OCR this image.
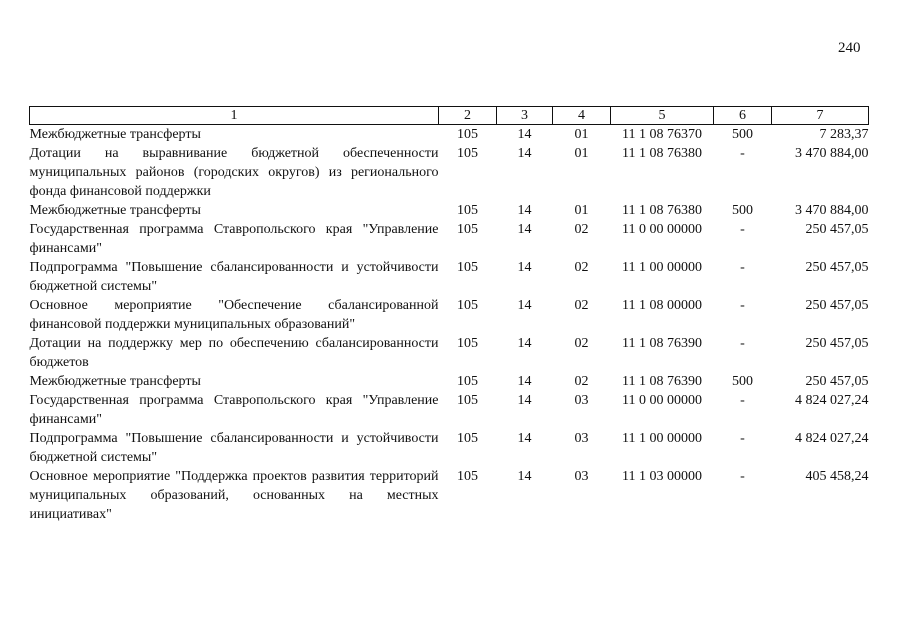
240
1	2	3	4	5	6	7
Межбюджетные трансферты	105	14	01	11 1 08 76370	500	7 283,37
Дотации на выравнивание бюджетной обеспеченности муниципальных районов (городских округов) из регионального фонда финансовой поддержки	105	14	01	11 1 08 76380	-	3 470 884,00
Межбюджетные трансферты	105	14	01	11 1 08 76380	500	3 470 884,00
Государственная программа Ставропольского края "Управление финансами"	105	14	02	11 0 00 00000	-	250 457,05
Подпрограмма "Повышение сбалансированности и устойчивости бюджетной системы"	105	14	02	11 1 00 00000	-	250 457,05
Основное мероприятие "Обеспечение сбалансированной финансовой поддержки муниципальных образований"	105	14	02	11 1 08 00000	-	250 457,05
Дотации на поддержку мер по обеспечению сбалансированности бюджетов	105	14	02	11 1 08 76390	-	250 457,05
Межбюджетные трансферты	105	14	02	11 1 08 76390	500	250 457,05
Государственная программа Ставропольского края "Управление финансами"	105	14	03	11 0 00 00000	-	4 824 027,24
Подпрограмма "Повышение сбалансированности и устойчивости бюджетной системы"	105	14	03	11 1 00 00000	-	4 824 027,24
Основное мероприятие "Поддержка проектов развития территорий муниципальных образований, основанных на местных инициативах"	105	14	03	11 1 03 00000	-	405 458,24
